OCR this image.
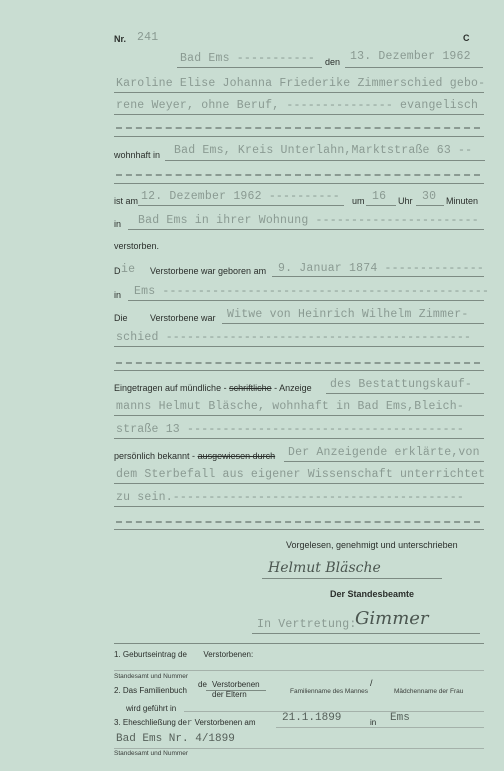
Nr. 241	C
Bad Ems ----------- den 13. Dezember 1962
Karoline Elise Johanna Friederike Zimmerschied gebo-
rene Weyer, ohne Beruf, --------------- evangelisch
wohnhaft in Bad Ems, Kreis Unterlahn,Marktstraße 63 --
ist am 12. Dezember 1962 ---------- um 16 Uhr 30 Minuten
in Bad Ems in ihrer Wohnung -----------------------
verstorben.
D ie Verstorbene war geboren am 9. Januar 1874 --------------
in Ems ----------------------------------------------
Die Verstorbene war Witwe von Heinrich Wilhelm Zimmer-
schied -------------------------------------------
Eingetragen auf mündliche - schriftliche - Anzeige des Bestattungskauf-
manns Helmut Bläsche, wohnhaft in Bad Ems,Bleich-
straße 13 ---------------------------------------
persönlich bekannt - ausgewiesen durch Der Anzeigende erklärte,von
dem Sterbefall aus eigener Wissenschaft unterrichtet
zu sein.-----------------------------------------
Vorgelesen, genehmigt und unterschrieben
Helmut Bläsche
Der Standesbeamte
In Vertretung:
Gimmer
1. Geburtseintrag de Verstorbenen:
Standesamt und Nummer
2. Das Familienbuch
de Verstorbenen
der Eltern	Familienname des Mannes
/
Mädchenname der Frau
wird geführt in
3. Eheschließung der Verstorbenen am 21.1.1899	in Ems
Bad Ems Nr. 4/1899
Standesamt und Nummer
